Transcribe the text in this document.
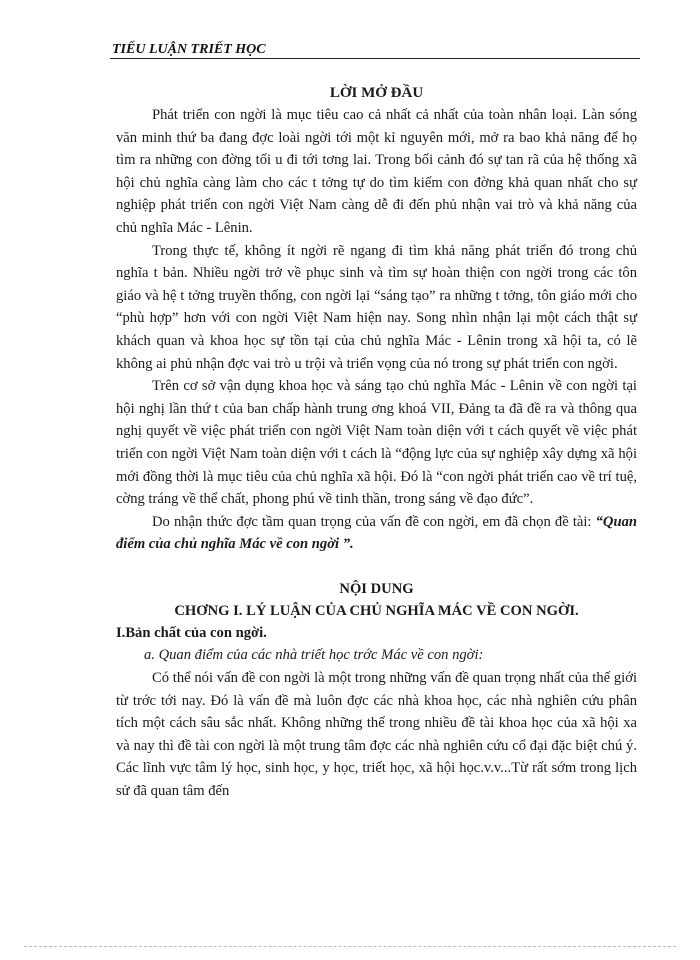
TIỂU LUẬN TRIẾT HỌC

LỜI MỞ ĐẦU

Phát triển con ngời là mục tiêu cao cả nhất cả nhất của toàn nhân loại. Làn sóng văn minh thứ ba đang đợc loài ngời tới một kỉ nguyên mới, mở ra bao khả năng để họ tìm ra những con đờng tối u đi tới tơng lai. Trong bối cảnh đó sự tan rã của hệ thống xã hội chủ nghĩa càng làm cho các t tởng tự do tìm kiếm con đờng khả quan nhất cho sự nghiệp phát triển con ngời Việt Nam càng dễ đi đến phủ nhận vai trò và khả năng của chủ nghĩa Mác - Lênin.

Trong thực tế, không ít ngời rẽ ngang đi tìm khả năng phát triển đó trong chủ nghĩa t bản. Nhiều ngời trở về phục sinh và tìm sự hoàn thiện con ngời trong các tôn giáo và hệ t tởng truyền thống, con ngời lại “sáng tạo” ra những t tởng, tôn giáo mới cho “phù hợp” hơn với con ngời Việt Nam hiện nay. Song nhìn nhận lại một cách thật sự khách quan và khoa học sự tồn tại của chủ nghĩa Mác - Lênin trong xã hội ta, có lẽ không ai phủ nhận đợc vai trò u trội và triển vọng của nó trong sự phát triển con ngời.

Trên cơ sở vận dụng khoa học và sáng tạo chủ nghĩa Mác - Lênin về con ngời tại hội nghị lần thứ t của ban chấp hành trung ơng khoá VII, Đảng ta đã đề ra và thông qua nghị quyết về việc phát triển con ngời Việt Nam toàn diện với t cách quyết về việc phát triển con ngời Việt Nam toàn diện với t cách là “động lực của sự nghiệp xây dựng xã hội mới đồng thời là mục tiêu của chủ nghĩa xã hội. Đó là “con ngời phát triển cao về trí tuệ, cờng tráng về thể chất, phong phú về tinh thần, trong sáng về đạo đức”.

Do nhận thức đợc tầm quan trọng của vấn đề con ngời, em đã chọn đề tài: “Quan điểm của chủ nghĩa Mác về con ngời ”.

NỘI DUNG

CHƠNG I. LÝ LUẬN CỦA CHỦ NGHĨA MÁC VỀ CON NGỜI.

I.Bản chất của con ngời.

a. Quan điểm của các nhà triết học trớc Mác về con ngời:

Có thể nói vấn đề con ngời là một trong những vấn đề quan trọng nhất của thế giới từ trớc tới nay. Đó là vấn đề mà luôn đợc các nhà khoa học, các nhà nghiên cứu phân tích một cách sâu sắc nhất. Không những thế trong nhiều đề tài khoa học của xã hội xa và nay thì đề tài con ngời là một trung tâm đợc các nhà nghiên cứu cổ đại đặc biệt chú ý. Các lĩnh vực tâm lý học, sinh học, y học, triết học, xã hội học.v.v...Từ rất sớm trong lịch sử đã quan tâm đến
